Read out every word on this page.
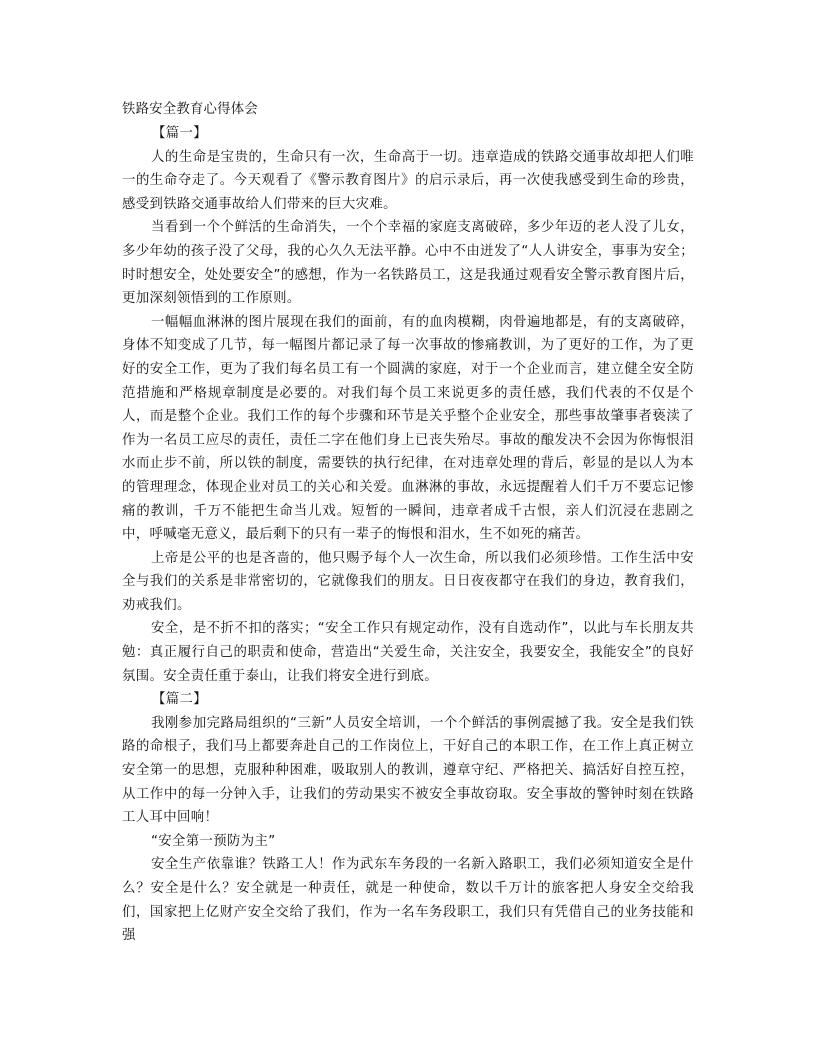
铁路安全教育心得体会

【篇一】

人的生命是宝贵的，生命只有一次，生命高于一切。违章造成的铁路交通事故却把人们唯一的生命夺走了。今天观看了《警示教育图片》的启示录后，再一次使我感受到生命的珍贵，感受到铁路交通事故给人们带来的巨大灾难。

当看到一个个鲜活的生命消失，一个个幸福的家庭支离破碎，多少年迈的老人没了儿女，多少年幼的孩子没了父母，我的心久久无法平静。心中不由迸发了“人人讲安全，事事为安全；时时想安全，处处要安全”的感想，作为一名铁路员工，这是我通过观看安全警示教育图片后，更加深刻领悟到的工作原则。

一幅幅血淋淋的图片展现在我们的面前，有的血肉模糊，肉骨遍地都是，有的支离破碎，身体不知变成了几节，每一幅图片都记录了每一次事故的惨痛教训，为了更好的工作，为了更好的安全工作，更为了我们每名员工有一个圆满的家庭，对于一个企业而言，建立健全安全防范措施和严格规章制度是必要的。对我们每个员工来说更多的责任感，我们代表的不仅是个人，而是整个企业。我们工作的每个步骤和环节是关乎整个企业安全，那些事故肇事者亵渎了作为一名员工应尽的责任，责任二字在他们身上已丧失殆尽。事故的酿发决不会因为你悔恨泪水而止步不前，所以铁的制度，需要铁的执行纪律，在对违章处理的背后，彰显的是以人为本的管理理念，体现企业对员工的关心和关爱。血淋淋的事故，永远提醒着人们千万不要忘记惨痛的教训，千万不能把生命当儿戏。短暂的一瞬间，违章者成千古恨，亲人们沉浸在悲剧之中，呼喊毫无意义，最后剩下的只有一辈子的悔恨和泪水，生不如死的痛苦。

上帝是公平的也是吝啬的，他只赐予每个人一次生命，所以我们必须珍惜。工作生活中安全与我们的关系是非常密切的，它就像我们的朋友。日日夜夜都守在我们的身边，教育我们，劝戒我们。

安全，是不折不扣的落实；“安全工作只有规定动作，没有自选动作”，以此与车长朋友共勉：真正履行自己的职责和使命，营造出“关爱生命，关注安全，我要安全，我能安全”的良好氛围。安全责任重于泰山，让我们将安全进行到底。

【篇二】

我刚参加完路局组织的“三新”人员安全培训，一个个鲜活的事例震撼了我。安全是我们铁路的命根子，我们马上都要奔赴自己的工作岗位上，干好自己的本职工作，在工作上真正树立安全第一的思想，克服种种困难，吸取别人的教训，遵章守纪、严格把关、搞活好自控互控，从工作中的每一分钟入手，让我们的劳动果实不被安全事故窃取。安全事故的警钟时刻在铁路工人耳中回响！

“安全第一预防为主”

安全生产依靠谁？铁路工人！作为武东车务段的一名新入路职工，我们必须知道安全是什么？安全是什么？安全就是一种责任，就是一种使命，数以千万计的旅客把人身安全交给我们，国家把上亿财产安全交给了我们，作为一名车务段职工，我们只有凭借自己的业务技能和强
